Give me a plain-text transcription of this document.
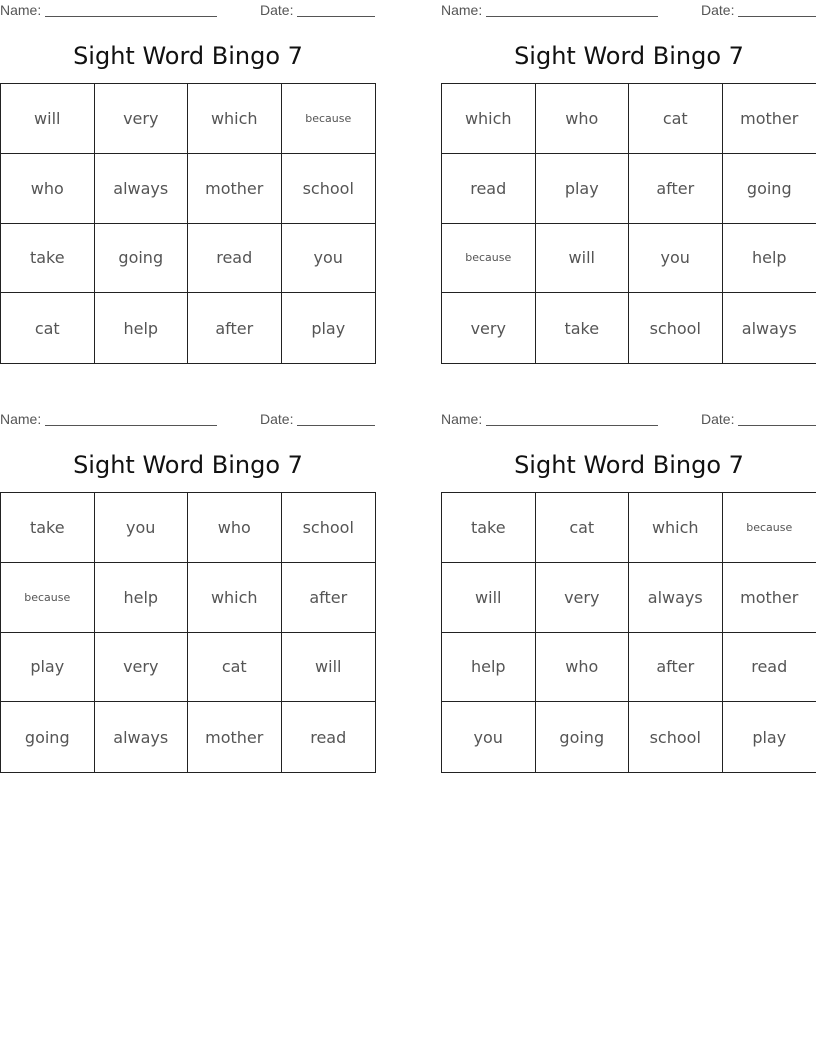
Name:	Date:
Sight Word Bingo 7
will	very	which	because
who	always	mother	school
take	going	read	you
cat	help	after	play
Name:	Date:
Sight Word Bingo 7
which	who	cat	mother
read	play	after	going
because	will	you	help
very	take	school	always
Name:	Date:
Sight Word Bingo 7
take	you	who	school
because	help	which	after
play	very	cat	will
going	always	mother	read
Name:	Date:
Sight Word Bingo 7
take	cat	which	because
will	very	always	mother
help	who	after	read
you	going	school	play
